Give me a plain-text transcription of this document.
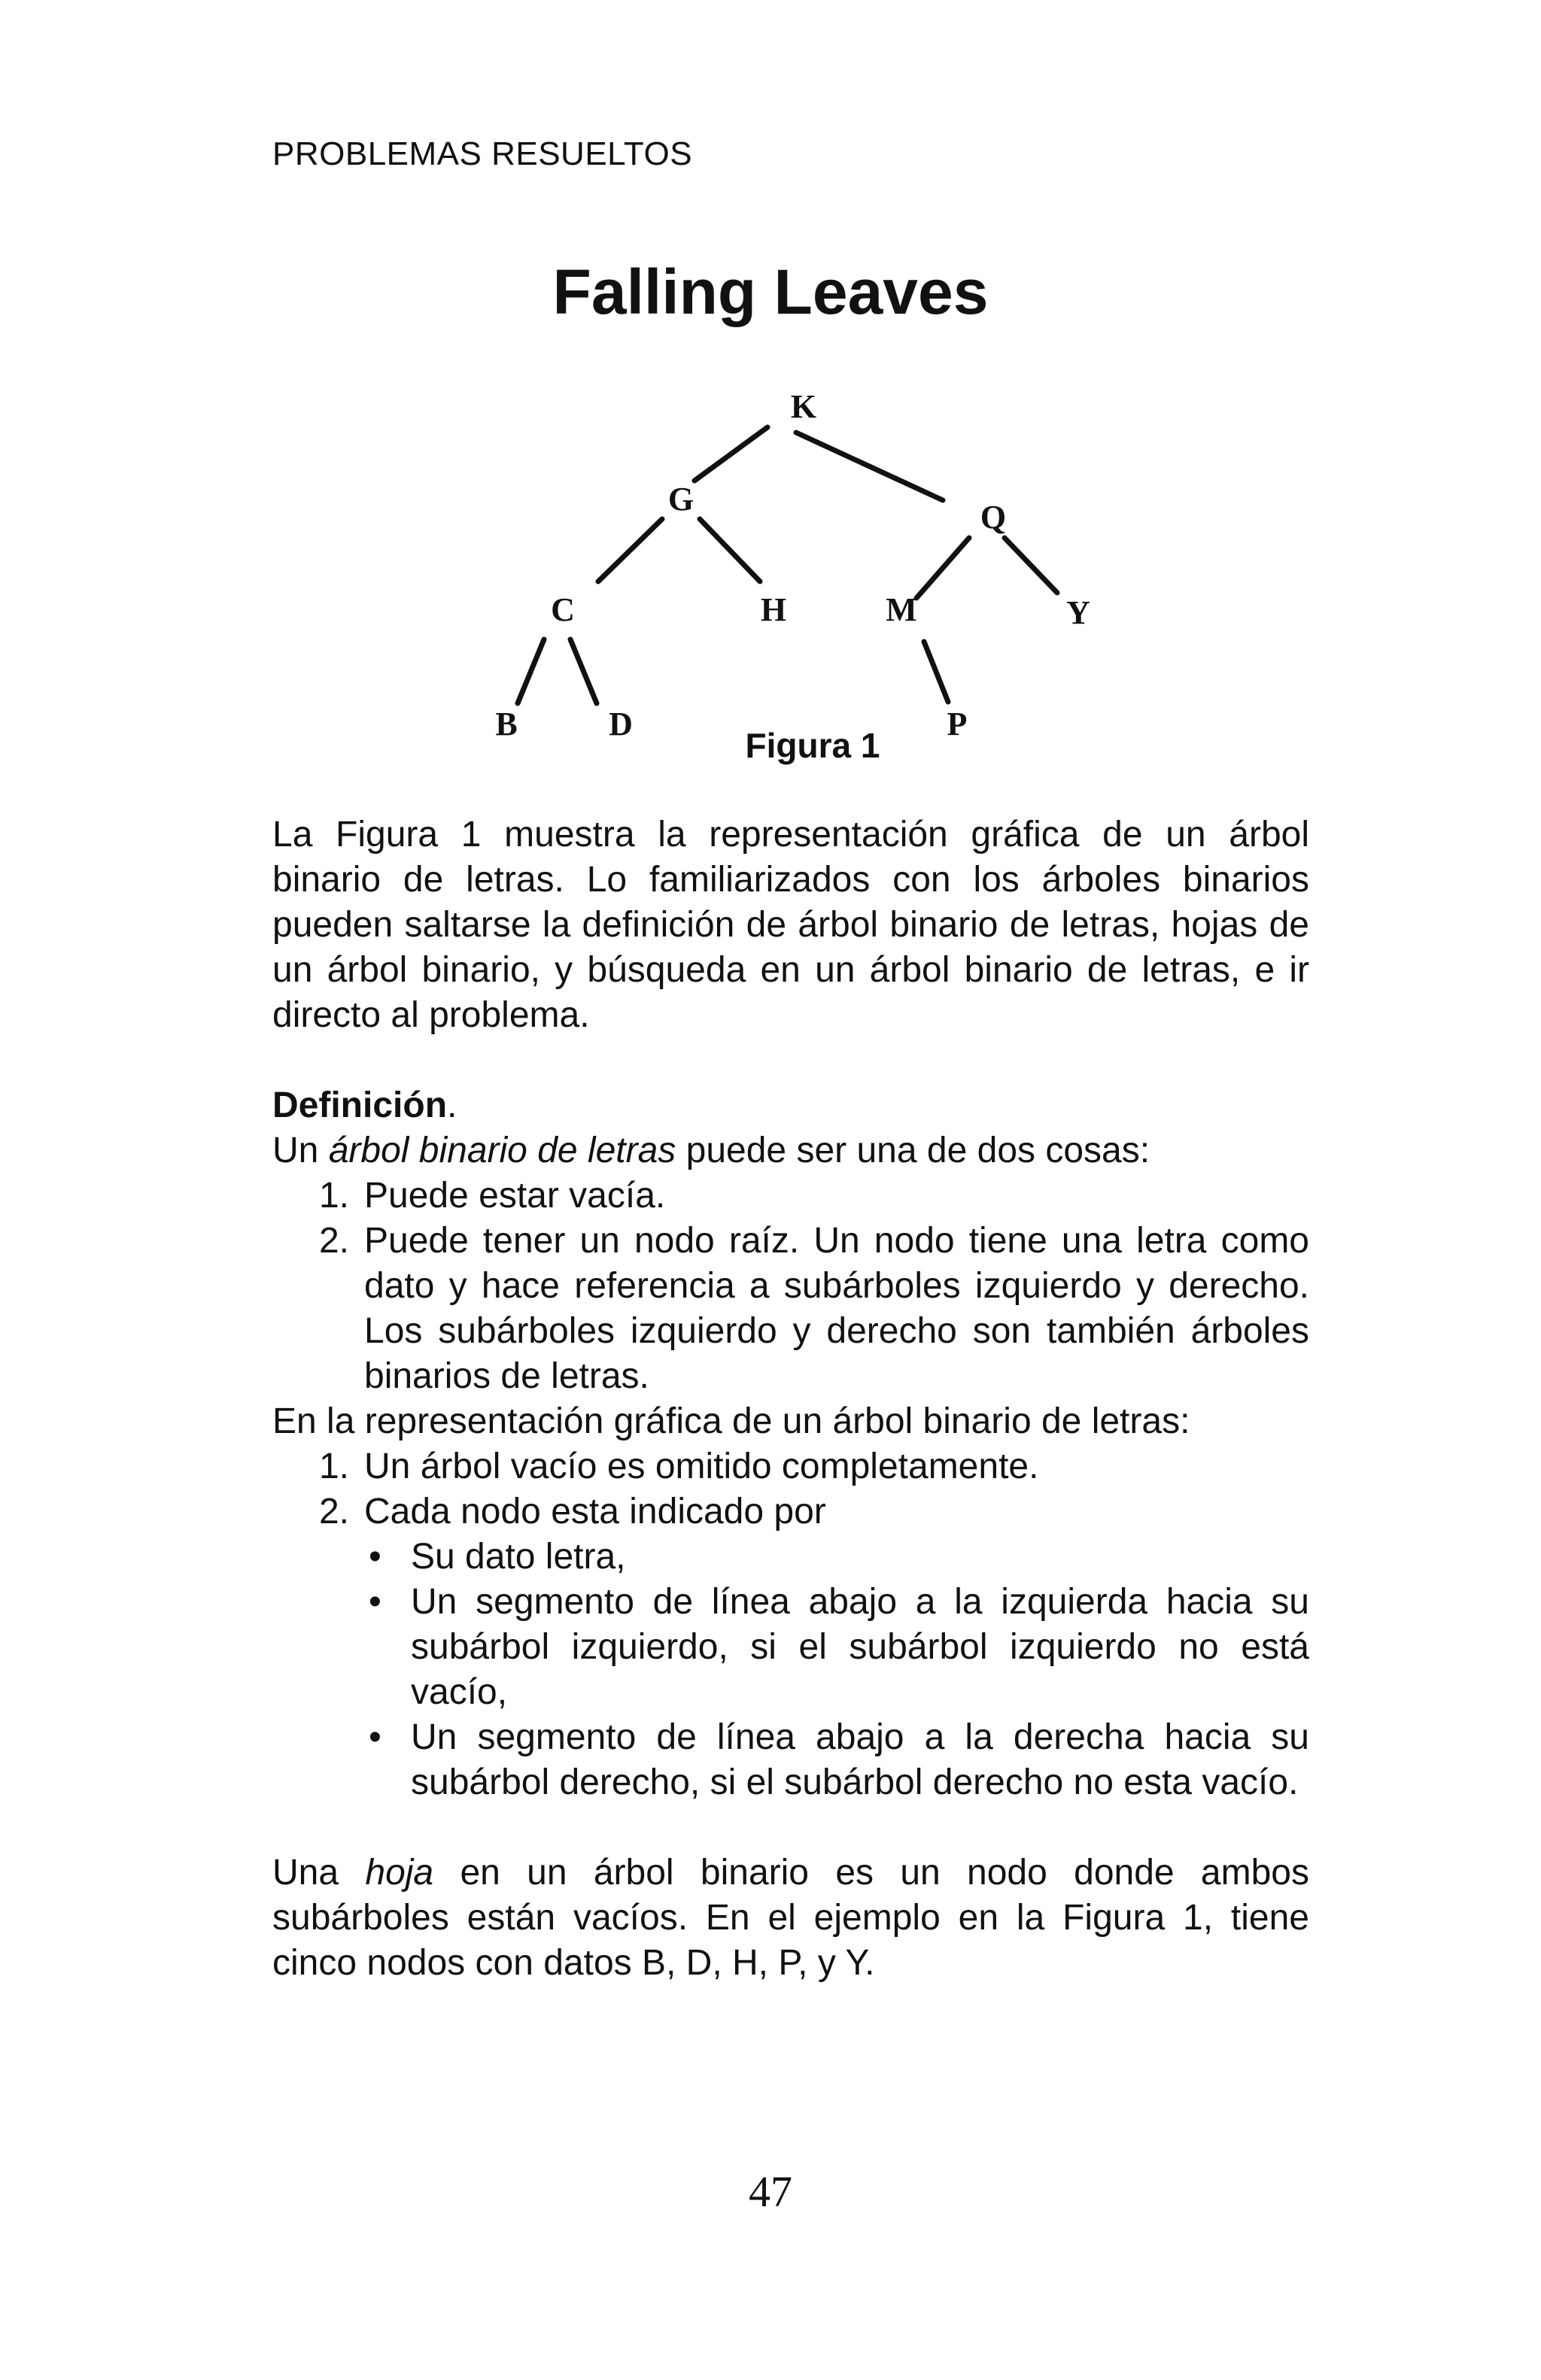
PROBLEMAS RESUELTOS
Falling Leaves
K
G	Q
C	H	M	Y
B	D	P
Figura 1

La Figura 1 muestra la representación gráfica de un árbol binario de letras. Lo familiarizados con los árboles binarios pueden saltarse la definición de árbol binario de letras, hojas de un árbol binario, y búsqueda en un árbol binario de letras, e ir directo al problema.

Definición.
Un árbol binario de letras puede ser una de dos cosas:
1. Puede estar vacía.
2. Puede tener un nodo raíz. Un nodo tiene una letra como dato y hace referencia a subárboles izquierdo y derecho. Los subárboles izquierdo y derecho son también árboles binarios de letras.
En la representación gráfica de un árbol binario de letras:
1. Un árbol vacío es omitido completamente.
2. Cada nodo esta indicado por
• Su dato letra,
• Un segmento de línea abajo a la izquierda hacia su subárbol izquierdo, si el subárbol izquierdo no está vacío,
• Un segmento de línea abajo a la derecha hacia su subárbol derecho, si el subárbol derecho no esta vacío.

Una hoja en un árbol binario es un nodo donde ambos subárboles están vacíos. En el ejemplo en la Figura 1, tiene cinco nodos con datos B, D, H, P, y Y.

47
